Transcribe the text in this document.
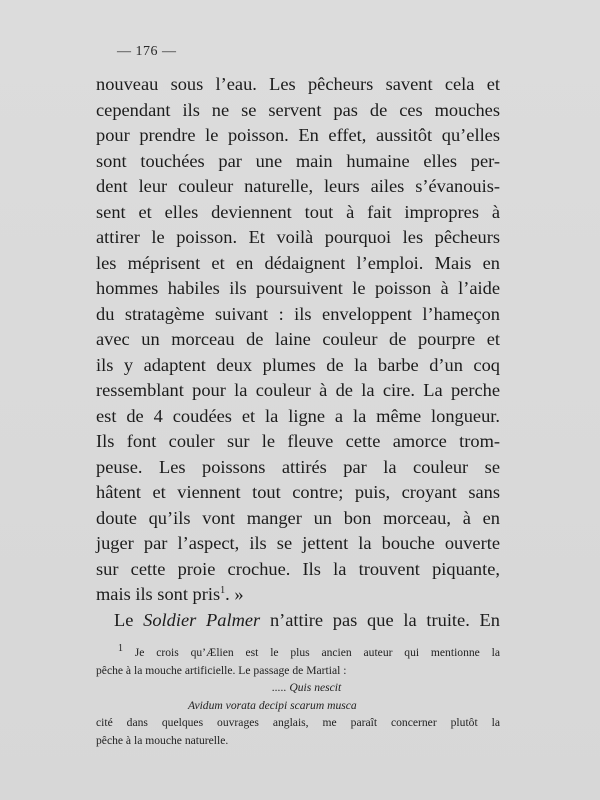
— 176 —
nouveau sous l’eau. Les pêcheurs savent cela et
cependant ils ne se servent pas de ces mouches
pour prendre le poisson. En effet, aussitôt qu’elles
sont touchées par une main humaine elles per-
dent leur couleur naturelle, leurs ailes s’évanouis-
sent et elles deviennent tout à fait impropres à
attirer le poisson. Et voilà pourquoi les pêcheurs
les méprisent et en dédaignent l’emploi. Mais en
hommes habiles ils poursuivent le poisson à l’aide
du stratagème suivant : ils enveloppent l’hameçon
avec un morceau de laine couleur de pourpre et
ils y adaptent deux plumes de la barbe d’un coq
ressemblant pour la couleur à de la cire. La perche
est de 4 coudées et la ligne a la même longueur.
Ils font couler sur le fleuve cette amorce trom-
peuse. Les poissons attirés par la couleur se
hâtent et viennent tout contre; puis, croyant sans
doute qu’ils vont manger un bon morceau, à en
juger par l’aspect, ils se jettent la bouche ouverte
sur cette proie crochue. Ils la trouvent piquante,
mais ils sont pris$^1$. »
Le Soldier Palmer n’attire pas que la truite. En
$^1$ Je crois qu’Ælien est le plus ancien auteur qui mentionne la
pêche à la mouche artificielle. Le passage de Martial :
..... Quis nescit
Avidum vorata decipi scarum musca
cité dans quelques ouvrages anglais, me paraît concerner plutôt la
pêche à la mouche naturelle.
